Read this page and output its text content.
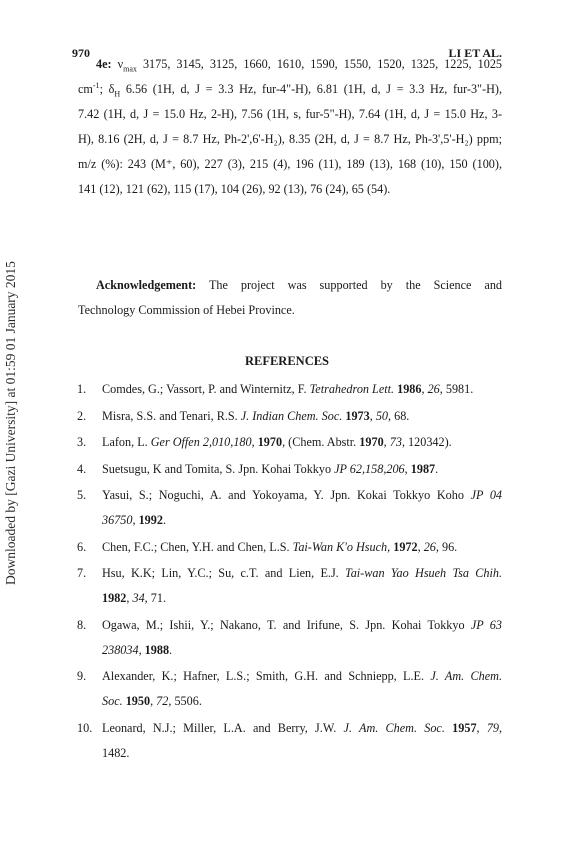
Downloaded by [Gazi University] at 01:59 01 January 2015
970	LI ET AL.
4e: $\nu_{max}$ 3175, 3145, 3125, 1660, 1610, 1590, 1550, 1520, 1325, 1225, 1025
$cm^{-1}$; $\delta_H$ 6.56 (1H, d, J = 3.3 Hz, fur-4"-H), 6.81 (1H, d, J = 3.3 Hz, fur-3"-H),
7.42 (1H, d, J = 15.0 Hz, 2-H), 7.56 (1H, s, fur-5"-H), 7.64 (1H, d, J = 15.0 Hz, 3-
H), 8.16 (2H, d, J = 8.7 Hz, Ph-2',6'-H₂), 8.35 (2H, d, J = 8.7 Hz, Ph-3',5'-H₂) ppm;
m/z (%): 243 (M⁺, 60), 227 (3), 215 (4), 196 (11), 189 (13), 168 (10), 150 (100),
141 (12), 121 (62), 115 (17), 104 (26), 92 (13), 76 (24), 65 (54).
Acknowledgement: The project was supported by the Science and
Technology Commission of Hebei Province.
REFERENCES
1. Comdes, G.; Vassort, P. and Winternitz, F. Tetrahedron Lett. 1986, 26, 5981.
2. Misra, S.S. and Tenari, R.S. J. Indian Chem. Soc. 1973, 50, 68.
3. Lafon, L. Ger Offen 2,010,180, 1970, (Chem. Abstr. 1970, 73, 120342).
4. Suetsugu, K and Tomita, S. Jpn. Kohai Tokkyo JP 62,158,206, 1987.
5. Yasui, S.; Noguchi, A. and Yokoyama, Y. Jpn. Kokai Tokkyo Koho JP 04
36750, 1992.
6. Chen, F.C.; Chen, Y.H. and Chen, L.S. Tai-Wan K'o Hsuch, 1972, 26, 96.
7. Hsu, K.K; Lin, Y.C.; Su, c.T. and Lien, E.J. Tai-wan Yao Hsueh Tsa Chih.
1982, 34, 71.
8. Ogawa, M.; Ishii, Y.; Nakano, T. and Irifune, S. Jpn. Kohai Tokkyo JP 63
238034, 1988.
9. Alexander, K.; Hafner, L.S.; Smith, G.H. and Schniepp, L.E. J. Am. Chem.
Soc. 1950, 72, 5506.
10. Leonard, N.J.; Miller, L.A. and Berry, J.W. J. Am. Chem. Soc. 1957, 79,
1482.
